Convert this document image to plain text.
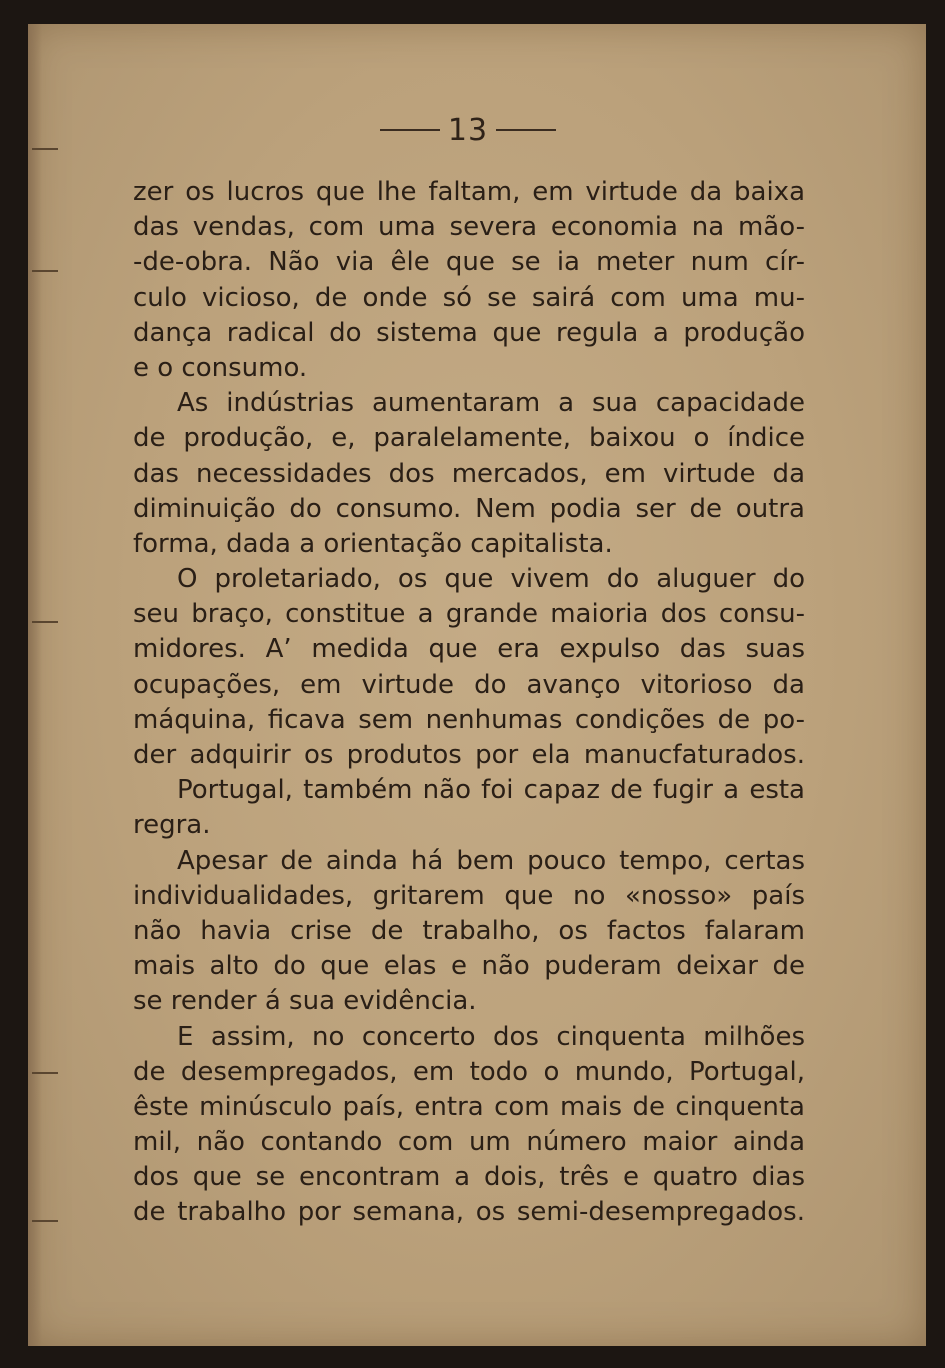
13
zer os lucros que lhe faltam, em virtude da baixa
das vendas, com uma severa economia na mão-
-de-obra. Não via êle que se ia meter num cír-
culo vicioso, de onde só se sairá com uma mu-
dança radical do sistema que regula a produção
e o consumo.
As indústrias aumentaram a sua capacidade
de produção, e, paralelamente, baixou o índice
das necessidades dos mercados, em virtude da
diminuição do consumo. Nem podia ser de outra
forma, dada a orientação capitalista.
O proletariado, os que vivem do aluguer do
seu braço, constitue a grande maioria dos consu-
midores. A’ medida que era expulso das suas
ocupações, em virtude do avanço vitorioso da
máquina, ficava sem nenhumas condições de po-
der adquirir os produtos por ela manucfaturados.
Portugal, também não foi capaz de fugir a esta
regra.
Apesar de ainda há bem pouco tempo, certas
individualidades, gritarem que no «nosso» país
não havia crise de trabalho, os factos falaram
mais alto do que elas e não puderam deixar de
se render á sua evidência.
E assim, no concerto dos cinquenta milhões
de desempregados, em todo o mundo, Portugal,
êste minúsculo país, entra com mais de cinquenta
mil, não contando com um número maior ainda
dos que se encontram a dois, três e quatro dias
de trabalho por semana, os semi-desempregados.
